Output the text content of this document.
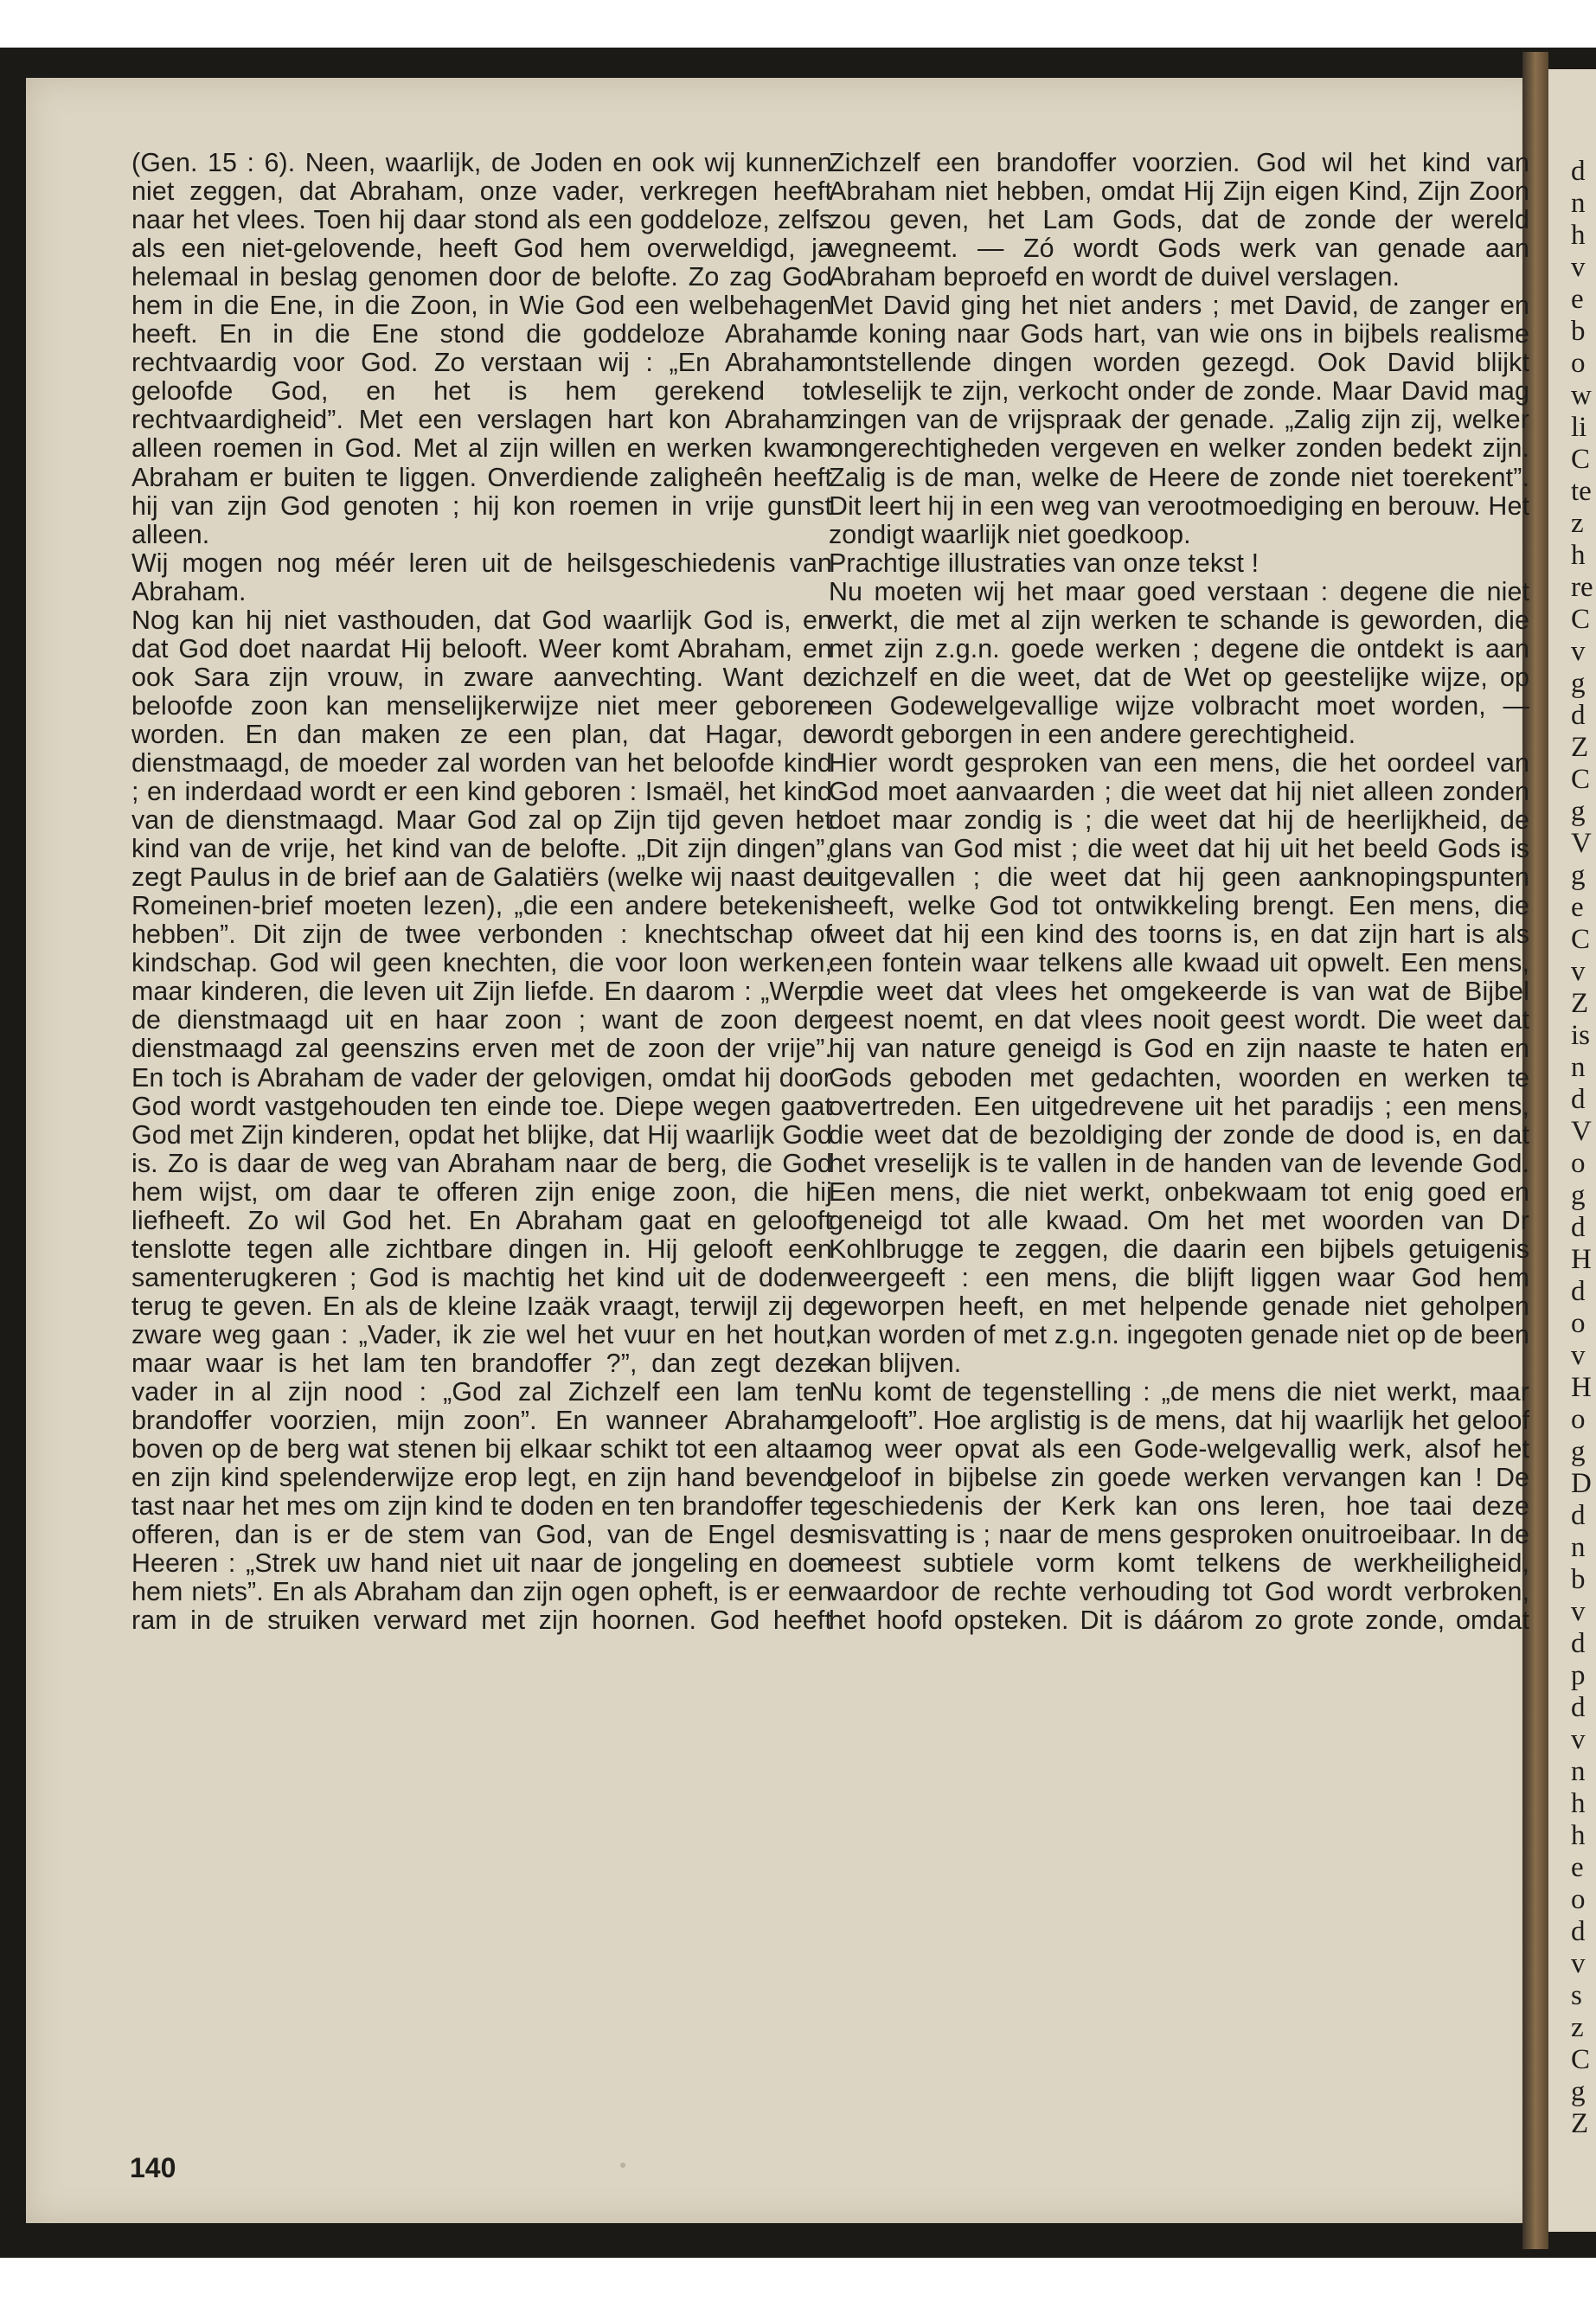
d
n
h
v
e
b
o
w
li
C
te
z
h
re
C
v
g
d
Z
C
g
V
g
e
C
v
Z
is
n
d
V
o
g
d
H
d
o
v
H
o
g
D
d
n
b
v
d
p
d
v
n
h
h
e
o
d
v
s
z
C
g
Z

(Gen. 15 : 6). Neen, waarlijk, de Joden en ook wij kunnen niet zeggen, dat Abraham, onze vader, verkregen heeft naar het vlees. Toen hij daar stond als een goddeloze, zelfs als een niet-gelovende, heeft God hem overweldigd, ja helemaal in beslag genomen door de belofte. Zo zag God hem in die Ene, in die Zoon, in Wie God een welbehagen heeft. En in die Ene stond die goddeloze Abraham rechtvaardig voor God. Zo verstaan wij : „En Abraham geloofde God, en het is hem gerekend tot rechtvaardigheid”. Met een verslagen hart kon Abraham alleen roemen in God. Met al zijn willen en werken kwam Abraham er buiten te liggen. Onverdiende zaligheên heeft hij van zijn God genoten ; hij kon roemen in vrije gunst alleen.

Wij mogen nog méér leren uit de heilsgeschiedenis van Abraham.

Nog kan hij niet vasthouden, dat God waarlijk God is, en dat God doet naardat Hij belooft. Weer komt Abraham, en ook Sara zijn vrouw, in zware aanvechting. Want de beloofde zoon kan menselijkerwijze niet meer geboren worden. En dan maken ze een plan, dat Hagar, de dienstmaagd, de moeder zal worden van het beloofde kind ; en inderdaad wordt er een kind geboren : Ismaël, het kind van de dienstmaagd. Maar God zal op Zijn tijd geven het kind van de vrije, het kind van de belofte. „Dit zijn dingen”, zegt Paulus in de brief aan de Galatiërs (welke wij naast de Romeinen-brief moeten lezen), „die een andere betekenis hebben”. Dit zijn de twee verbonden : knechtschap of kindschap. God wil geen knechten, die voor loon werken, maar kinderen, die leven uit Zijn liefde. En daarom : „Werp de dienstmaagd uit en haar zoon ; want de zoon der dienstmaagd zal geenszins erven met de zoon der vrije”. En toch is Abraham de vader der gelovigen, omdat hij door God wordt vastgehouden ten einde toe. Diepe wegen gaat God met Zijn kinderen, opdat het blijke, dat Hij waarlijk God is. Zo is daar de weg van Abraham naar de berg, die God hem wijst, om daar te offeren zijn enige zoon, die hij liefheeft. Zo wil God het. En Abraham gaat en gelooft tenslotte tegen alle zichtbare dingen in. Hij gelooft een samenterugkeren ; God is machtig het kind uit de doden terug te geven. En als de kleine Izaäk vraagt, terwijl zij de zware weg gaan : „Vader, ik zie wel het vuur en het hout, maar waar is het lam ten brandoffer ?”, dan zegt deze vader in al zijn nood : „God zal Zichzelf een lam ten brandoffer voorzien, mijn zoon”. En wanneer Abraham boven op de berg wat stenen bij elkaar schikt tot een altaar en zijn kind spelenderwijze erop legt, en zijn hand bevend tast naar het mes om zijn kind te doden en ten brandoffer te offeren, dan is er de stem van God, van de Engel des Heeren : „Strek uw hand niet uit naar de jongeling en doe hem niets”. En als Abraham dan zijn ogen opheft, is er een ram in de struiken verward met zijn hoornen. God heeft

Zichzelf een brandoffer voorzien. God wil het kind van Abraham niet hebben, omdat Hij Zijn eigen Kind, Zijn Zoon zou geven, het Lam Gods, dat de zonde der wereld wegneemt. — Zó wordt Gods werk van genade aan Abraham beproefd en wordt de duivel verslagen.

Met David ging het niet anders ; met David, de zanger en de koning naar Gods hart, van wie ons in bijbels realisme ontstellende dingen worden gezegd. Ook David blijkt vleselijk te zijn, verkocht onder de zonde. Maar David mag zingen van de vrijspraak der genade. „Zalig zijn zij, welker ongerechtigheden vergeven en welker zonden bedekt zijn. Zalig is de man, welke de Heere de zonde niet toerekent”. Dit leert hij in een weg van verootmoediging en berouw. Het zondigt waarlijk niet goedkoop.

Prachtige illustraties van onze tekst !

Nu moeten wij het maar goed verstaan : degene die niet werkt, die met al zijn werken te schande is geworden, die met zijn z.g.n. goede werken ; degene die ontdekt is aan zichzelf en die weet, dat de Wet op geestelijke wijze, op een Godewelgevallige wijze volbracht moet worden, — wordt geborgen in een andere gerechtigheid.

Hier wordt gesproken van een mens, die het oordeel van God moet aanvaarden ; die weet dat hij niet alleen zonden doet maar zondig is ; die weet dat hij de heerlijkheid, de glans van God mist ; die weet dat hij uit het beeld Gods is uitgevallen ; die weet dat hij geen aanknopingspunten heeft, welke God tot ontwikkeling brengt. Een mens, die weet dat hij een kind des toorns is, en dat zijn hart is als een fontein waar telkens alle kwaad uit opwelt. Een mens, die weet dat vlees het omgekeerde is van wat de Bijbel geest noemt, en dat vlees nooit geest wordt. Die weet dat hij van nature geneigd is God en zijn naaste te haten en Gods geboden met gedachten, woorden en werken te overtreden. Een uitgedrevene uit het paradijs ; een mens, die weet dat de bezoldiging der zonde de dood is, en dat het vreselijk is te vallen in de handen van de levende God. Een mens, die niet werkt, onbekwaam tot enig goed en geneigd tot alle kwaad. Om het met woorden van Dr Kohlbrugge te zeggen, die daarin een bijbels getuigenis weergeeft : een mens, die blijft liggen waar God hem geworpen heeft, en met helpende genade niet geholpen kan worden of met z.g.n. ingegoten genade niet op de been kan blijven.

Nu komt de tegenstelling : „de mens die niet werkt, maar gelooft”. Hoe arglistig is de mens, dat hij waarlijk het geloof nog weer opvat als een Gode-welgevallig werk, alsof het geloof in bijbelse zin goede werken vervangen kan ! De geschiedenis der Kerk kan ons leren, hoe taai deze misvatting is ; naar de mens gesproken onuitroeibaar. In de meest subtiele vorm komt telkens de werkheiligheid, waardoor de rechte verhouding tot God wordt verbroken, het hoofd opsteken. Dit is dáárom zo grote zonde, omdat

140
